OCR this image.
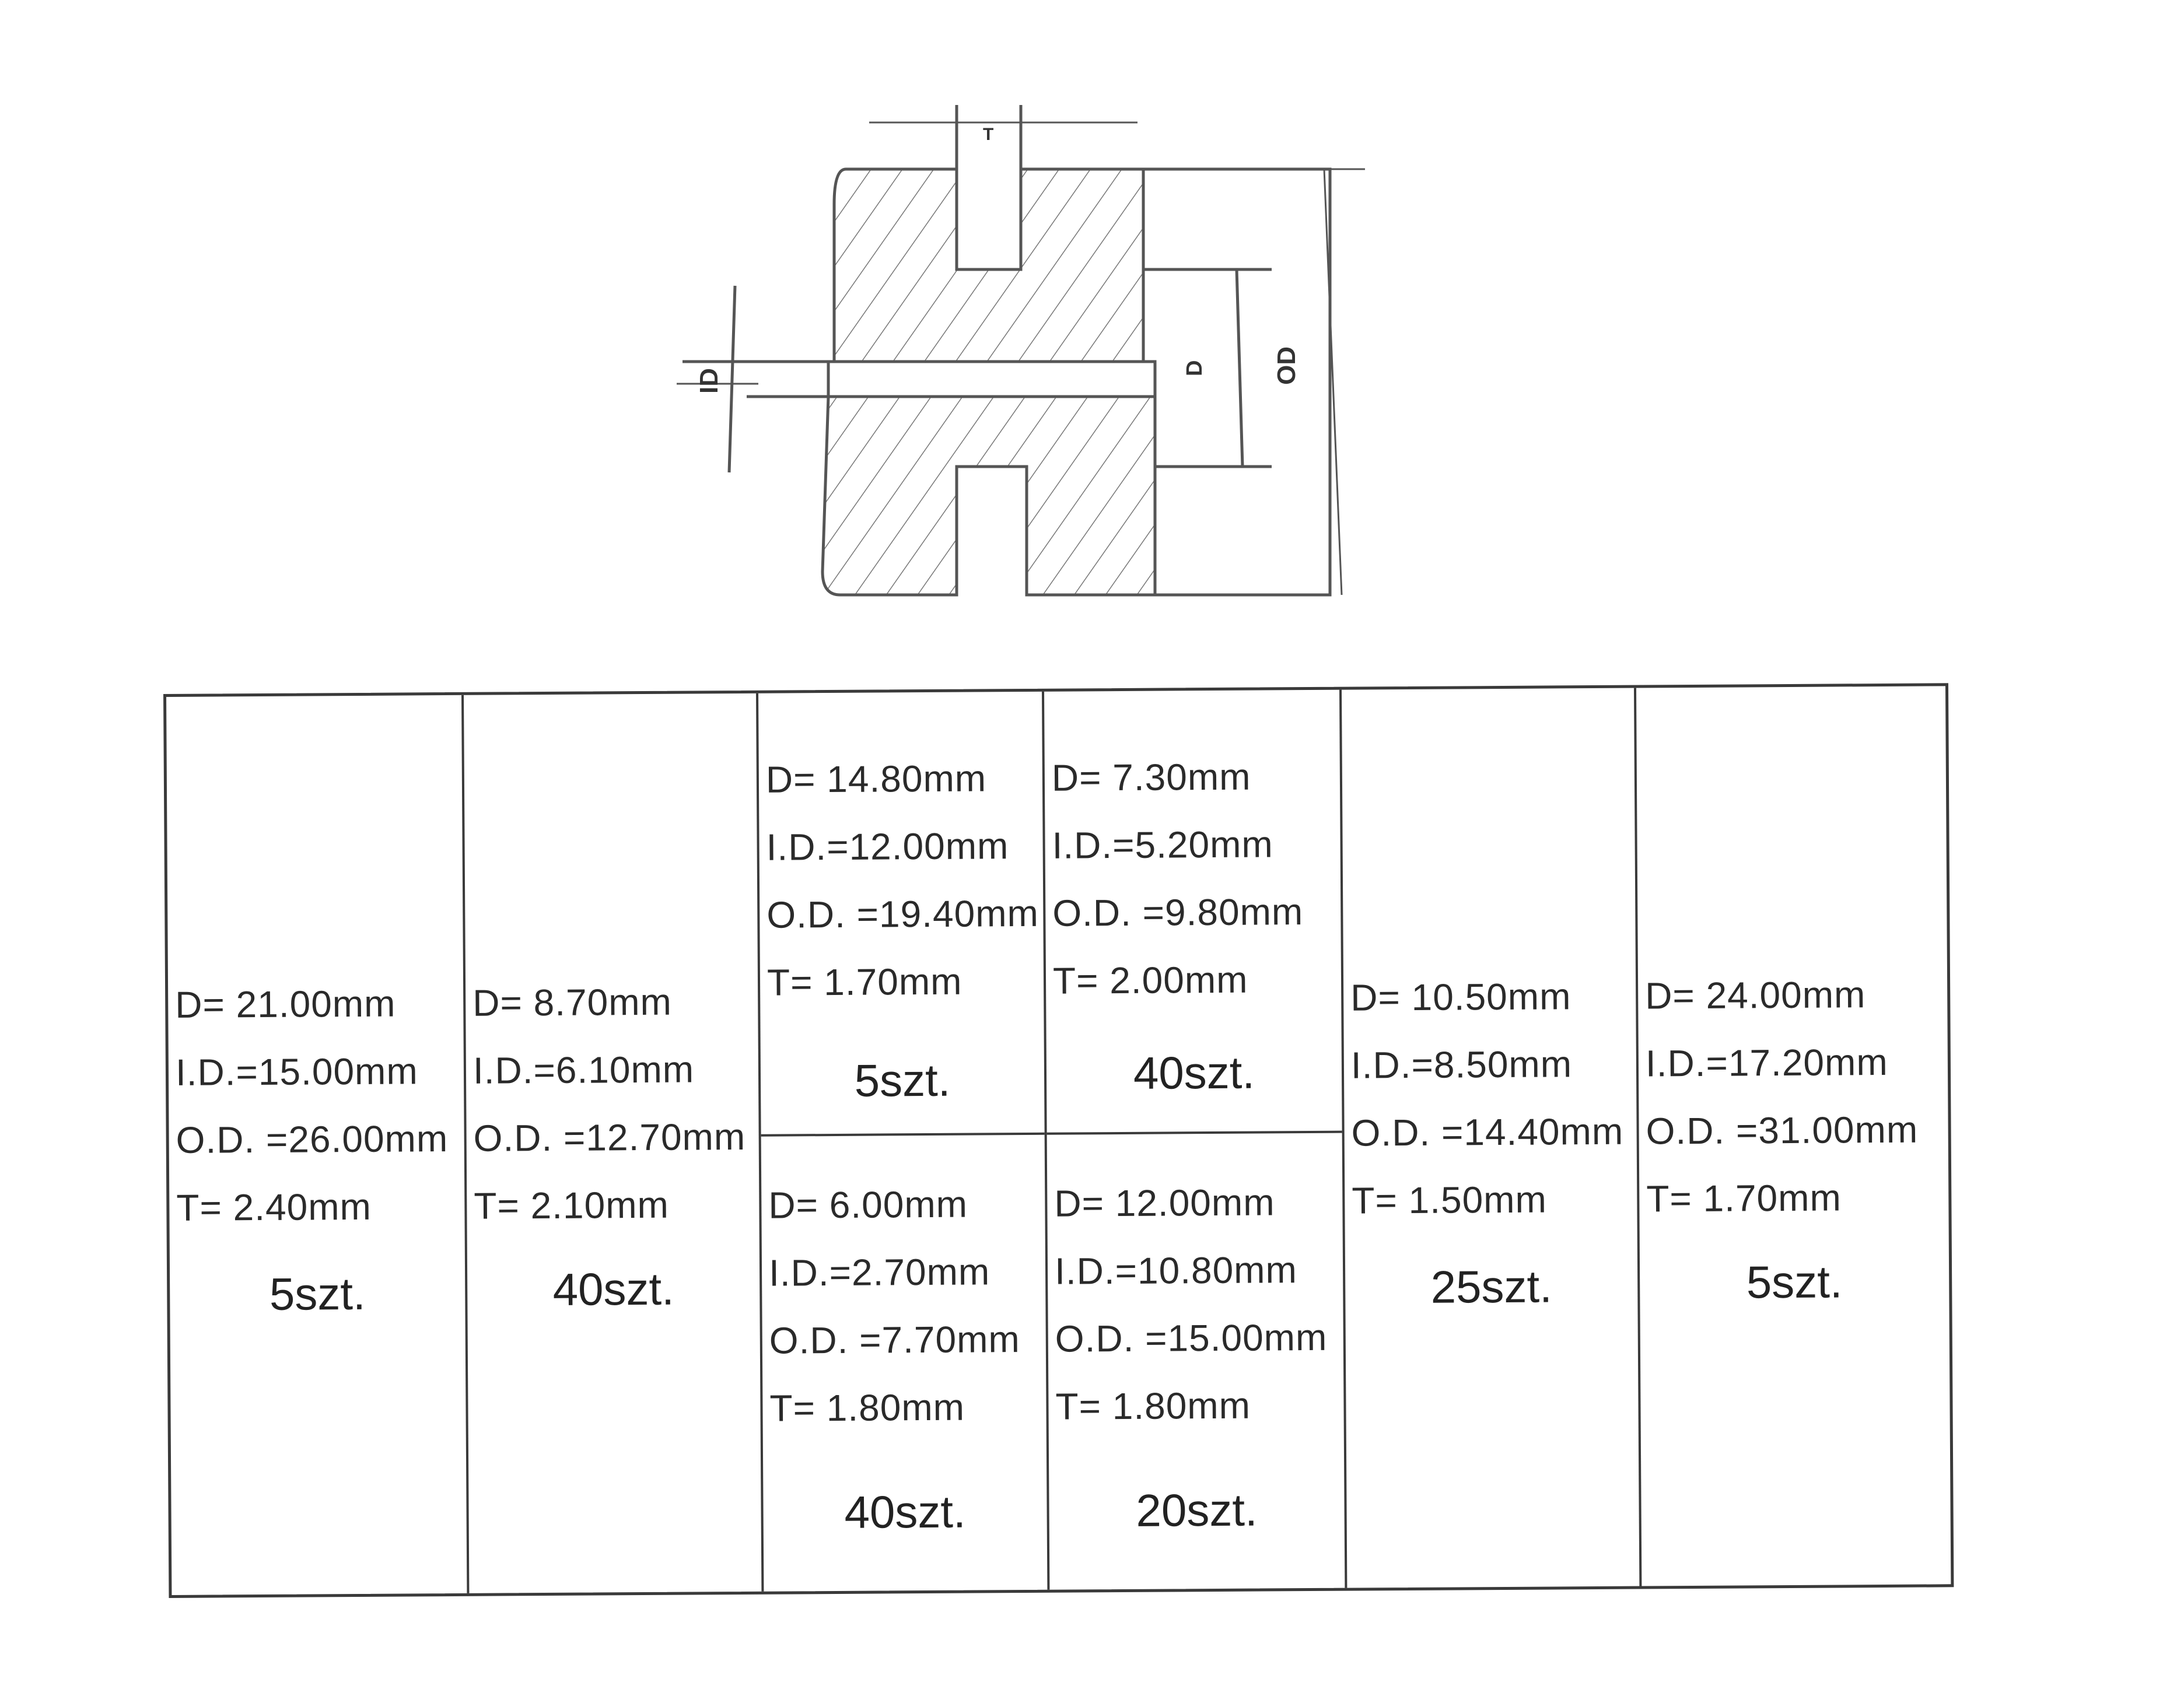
T
ID	D	OD
D= 21.00mm
I.D.=15.00mm
O.D. =26.00mm
T= 2.40mm
5szt.
D= 8.70mm
I.D.=6.10mm
O.D. =12.70mm
T= 2.10mm
40szt.
D= 14.80mm
I.D.=12.00mm
O.D. =19.40mm
T= 1.70mm
5szt.
D= 6.00mm
I.D.=2.70mm
O.D. =7.70mm
T= 1.80mm
40szt.
D= 7.30mm
I.D.=5.20mm
O.D. =9.80mm
T= 2.00mm
40szt.
D= 12.00mm
I.D.=10.80mm
O.D. =15.00mm
T= 1.80mm
20szt.
D= 10.50mm
I.D.=8.50mm
O.D. =14.40mm
T= 1.50mm
25szt.
D= 24.00mm
I.D.=17.20mm
O.D. =31.00mm
T= 1.70mm
5szt.
